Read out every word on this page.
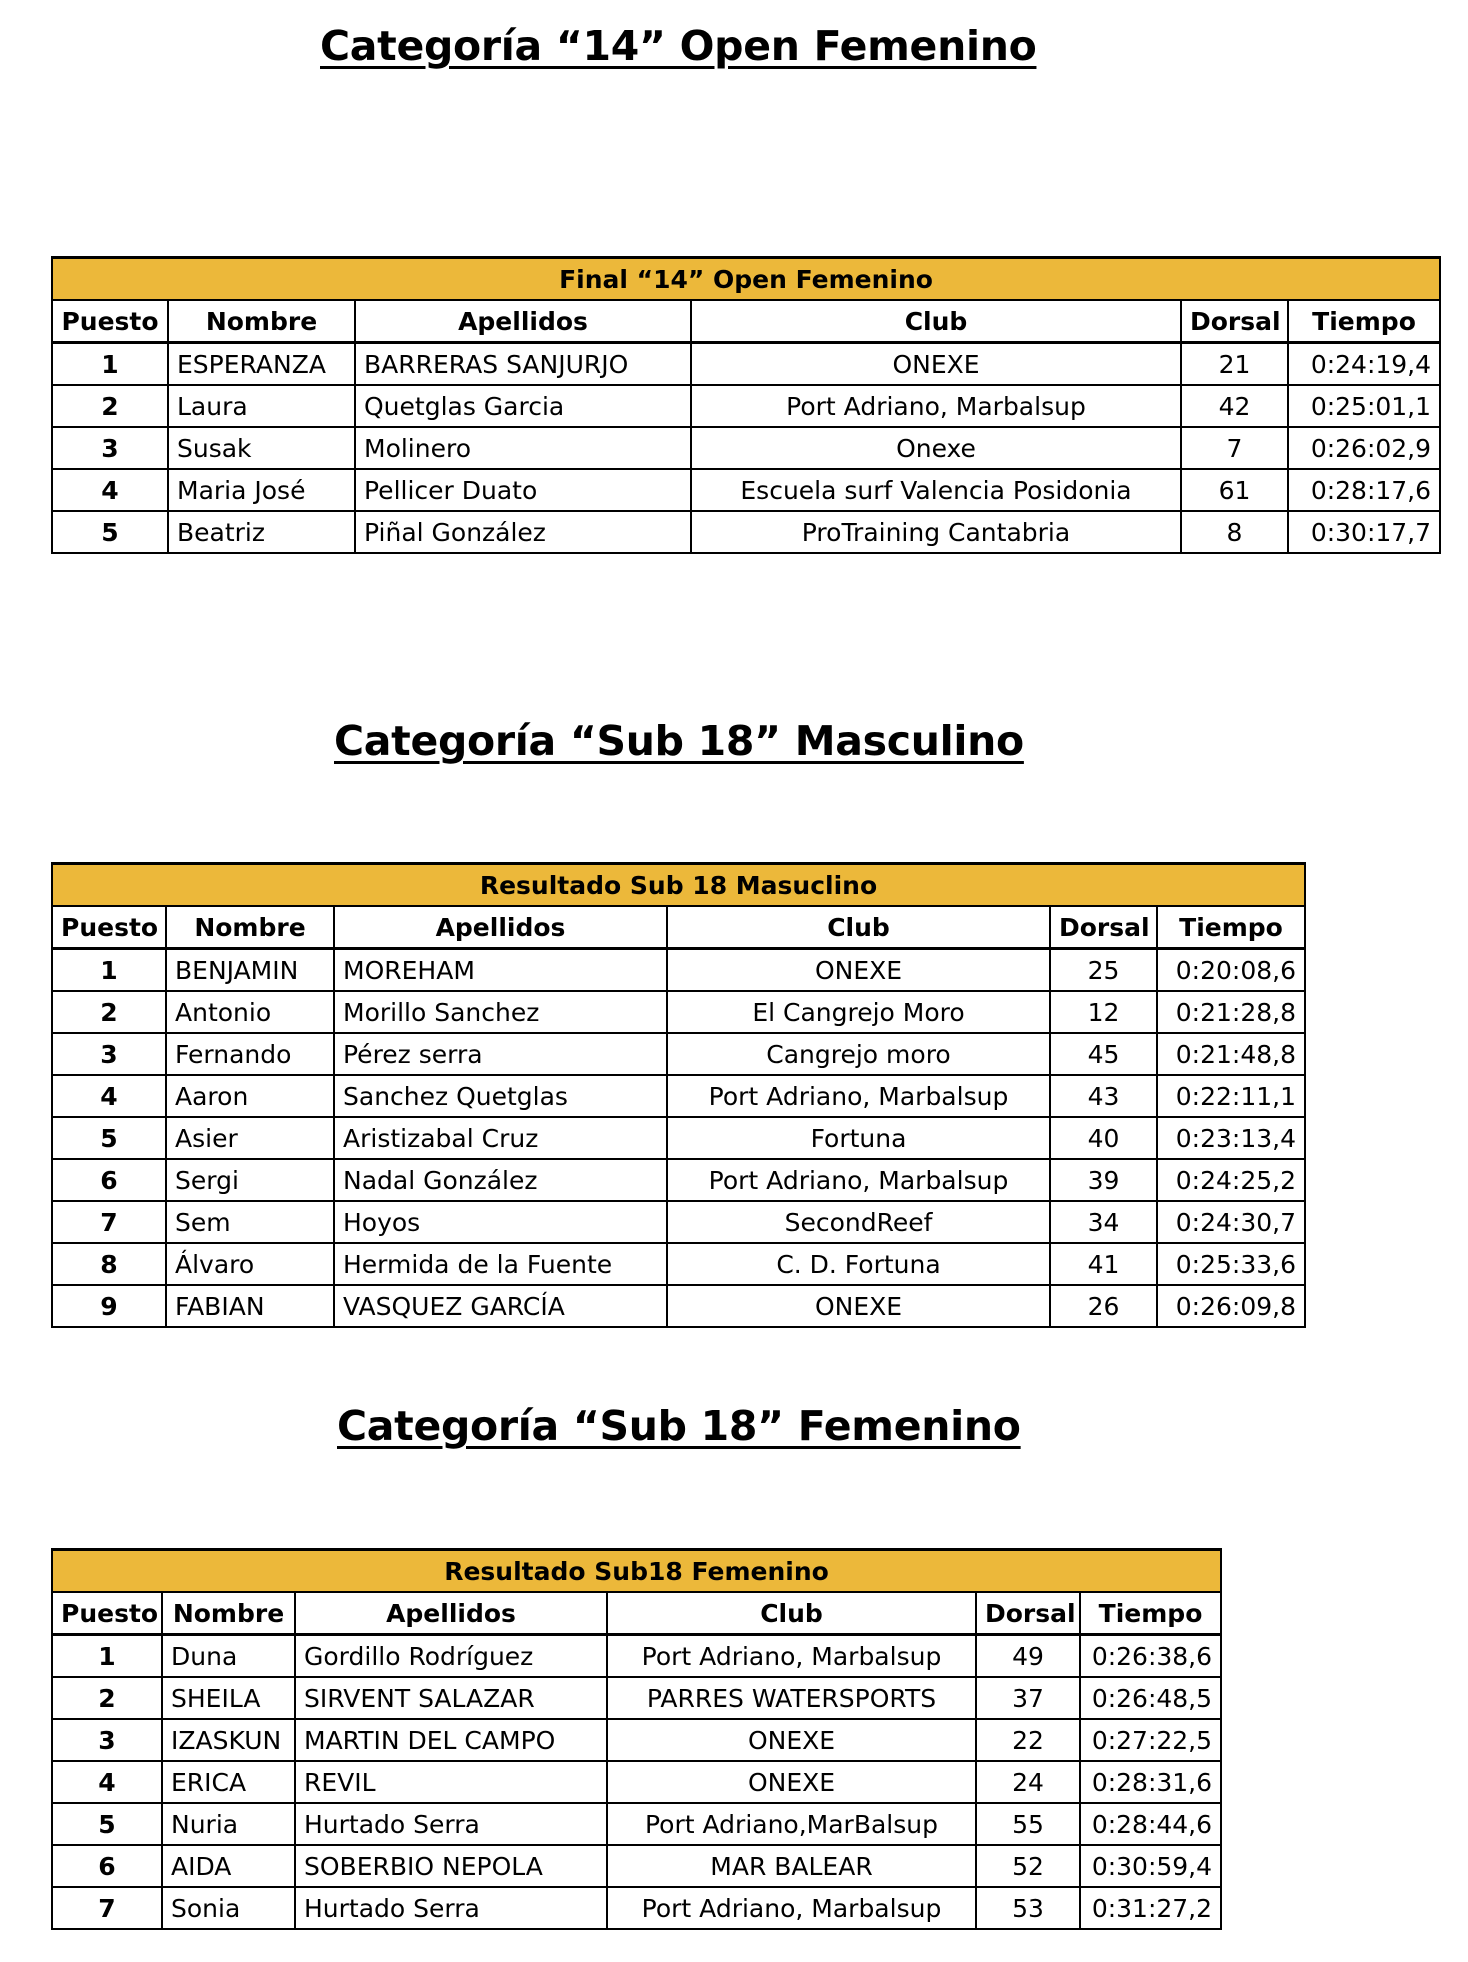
Categoría “14” Open Femenino
Final “14” Open Femenino					
Puesto	Nombre	Apellidos	Club	Dorsal	Tiempo
1	ESPERANZA	BARRERAS SANJURJO	ONEXE	21	0:24:19,4
2	Laura	Quetglas Garcia	Port Adriano, Marbalsup	42	0:25:01,1
3	Susak	Molinero	Onexe	7	0:26:02,9
4	Maria José	Pellicer Duato	Escuela surf Valencia Posidonia	61	0:28:17,6
5	Beatriz	Piñal González	ProTraining Cantabria	8	0:30:17,7
Categoría “Sub 18” Masculino
Resultado Sub 18 Masuclino					
Puesto	Nombre	Apellidos	Club	Dorsal	Tiempo
1	BENJAMIN	MOREHAM	ONEXE	25	0:20:08,6
2	Antonio	Morillo Sanchez	El Cangrejo Moro	12	0:21:28,8
3	Fernando	Pérez serra	Cangrejo moro	45	0:21:48,8
4	Aaron	Sanchez Quetglas	Port Adriano, Marbalsup	43	0:22:11,1
5	Asier	Aristizabal Cruz	Fortuna	40	0:23:13,4
6	Sergi	Nadal González	Port Adriano, Marbalsup	39	0:24:25,2
7	Sem	Hoyos	SecondReef	34	0:24:30,7
8	Álvaro	Hermida de la Fuente	C. D. Fortuna	41	0:25:33,6
9	FABIAN	VASQUEZ GARCÍA	ONEXE	26	0:26:09,8
Categoría “Sub 18” Femenino
Resultado Sub18 Femenino					
Puesto	Nombre	Apellidos	Club	Dorsal	Tiempo
1	Duna	Gordillo Rodríguez	Port Adriano, Marbalsup	49	0:26:38,6
2	SHEILA	SIRVENT SALAZAR	PARRES WATERSPORTS	37	0:26:48,5
3	IZASKUN	MARTIN DEL CAMPO	ONEXE	22	0:27:22,5
4	ERICA	REVIL	ONEXE	24	0:28:31,6
5	Nuria	Hurtado Serra	Port Adriano,MarBalsup	55	0:28:44,6
6	AIDA	SOBERBIO NEPOLA	MAR BALEAR	52	0:30:59,4
7	Sonia	Hurtado Serra	Port Adriano, Marbalsup	53	0:31:27,2
